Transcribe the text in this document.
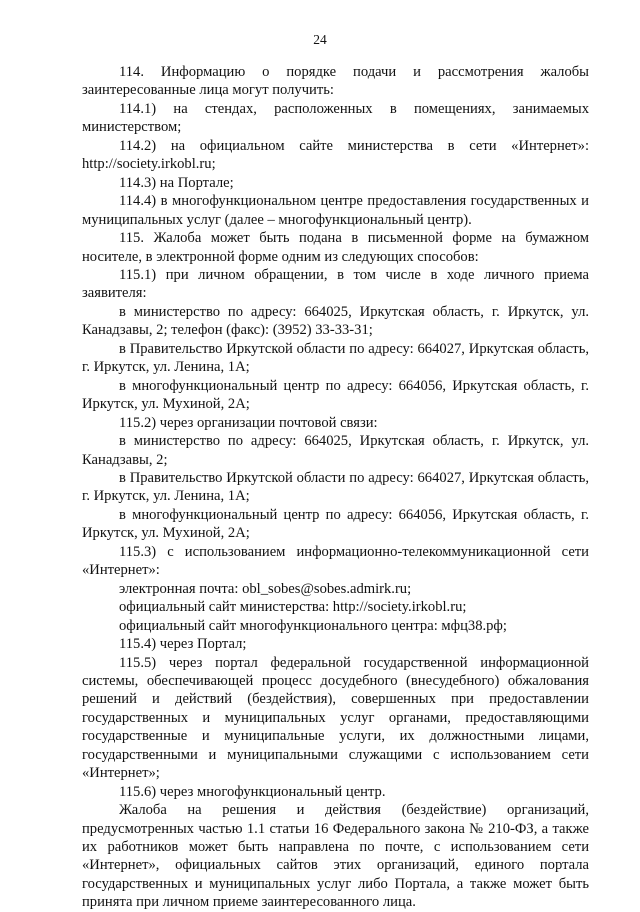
24

114. Информацию о порядке подачи и рассмотрения жалобы заинтересованные лица могут получить:

114.1) на стендах, расположенных в помещениях, занимаемых министерством;

114.2) на официальном сайте министерства в сети «Интернет»: http://society.irkobl.ru;

114.3) на Портале;

114.4) в многофункциональном центре предоставления государственных и муниципальных услуг (далее – многофункциональный центр).

115. Жалоба может быть подана в письменной форме на бумажном носителе, в электронной форме одним из следующих способов:

115.1) при личном обращении, в том числе в ходе личного приема заявителя:

в министерство по адресу: 664025, Иркутская область, г. Иркутск, ул. Канадзавы, 2; телефон (факс): (3952) 33-33-31;

в Правительство Иркутской области по адресу: 664027, Иркутская область, г. Иркутск, ул. Ленина, 1А;

в многофункциональный центр по адресу: 664056, Иркутская область, г. Иркутск, ул. Мухиной, 2А;

115.2) через организации почтовой связи:

в министерство по адресу: 664025, Иркутская область, г. Иркутск, ул. Канадзавы, 2;

в Правительство Иркутской области по адресу: 664027, Иркутская область, г. Иркутск, ул. Ленина, 1А;

в многофункциональный центр по адресу: 664056, Иркутская область, г. Иркутск, ул. Мухиной, 2А;

115.3) с использованием информационно-телекоммуникационной сети «Интернет»:

электронная почта: obl_sobes@sobes.admirk.ru;

официальный сайт министерства: http://society.irkobl.ru;

официальный сайт многофункционального центра: мфц38.рф;

115.4) через Портал;

115.5) через портал федеральной государственной информационной системы, обеспечивающей процесс досудебного (внесудебного) обжалования решений и действий (бездействия), совершенных при предоставлении государственных и муниципальных услуг органами, предоставляющими государственные и муниципальные услуги, их должностными лицами, государственными и муниципальными служащими с использованием сети «Интернет»;

115.6) через многофункциональный центр.

Жалоба на решения и действия (бездействие) организаций, предусмотренных частью 1.1 статьи 16 Федерального закона № 210-ФЗ, а также их работников может быть направлена по почте, с использованием сети «Интернет», официальных сайтов этих организаций, единого портала государственных и муниципальных услуг либо Портала, а также может быть принята при личном приеме заинтересованного лица.
